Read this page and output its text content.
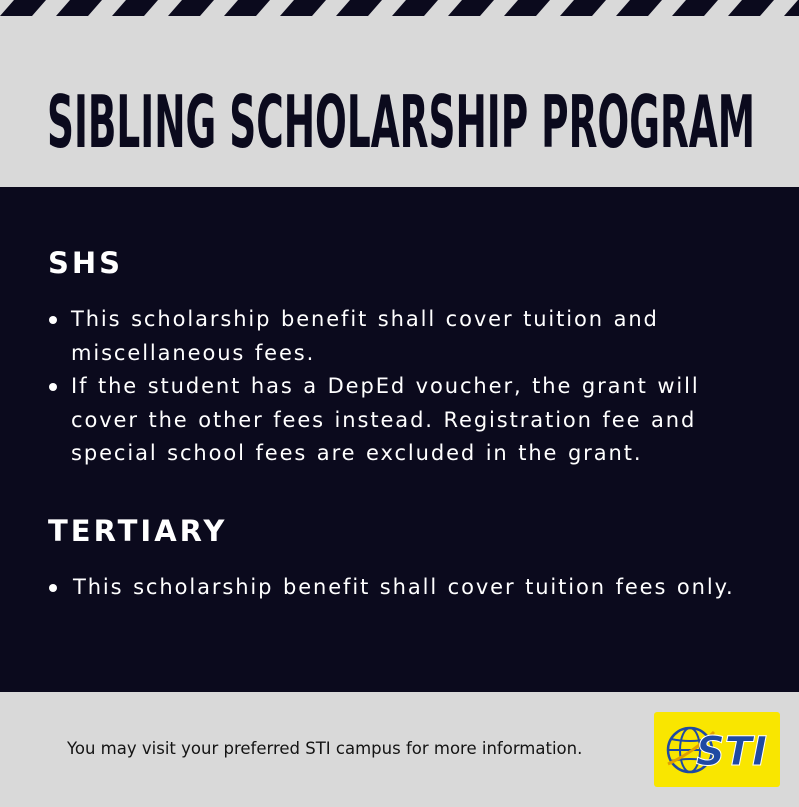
SIBLING SCHOLARSHIP PROGRAM
SHS
This scholarship benefit shall cover tuition and miscellaneous fees.
If the student has a DepEd voucher, the grant will cover the other fees instead. Registration fee and special school fees are excluded in the grant.
TERTIARY
This scholarship benefit shall cover tuition fees only.
You may visit your preferred STI campus for more information.	STI
